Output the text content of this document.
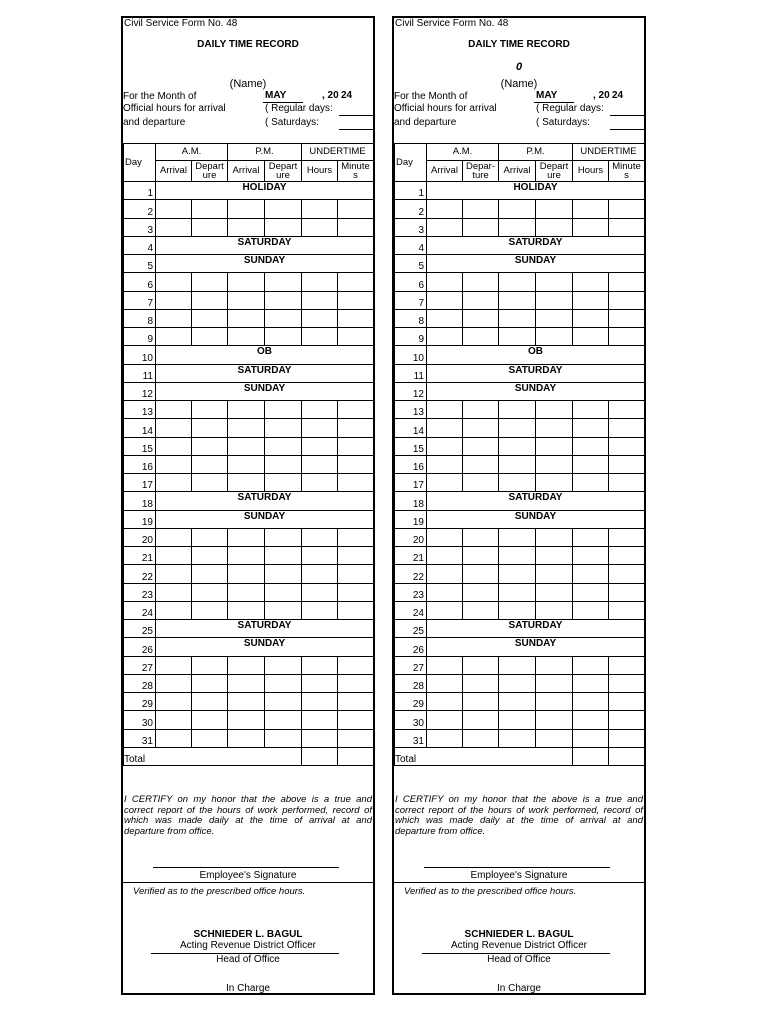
Civil Service Form No. 48
DAILY TIME RECORD
(Name)
For the Month of	MAY	, 20 24
Official hours for arrival
and departure
( Regular days:
( Saturdays:
Day	A.M.		P.M.		UNDERTIME	
	Arrival	Depart ure	Arrival	Depart ure	Hours	Minute s
1	HOLIDAY					
2						
3						
4	SATURDAY					
5	SUNDAY					
6						
7						
8						
9						
10	OB					
11	SATURDAY					
12	SUNDAY					
13						
14						
15						
16						
17						
18	SATURDAY					
19	SUNDAY					
20						
21						
22						
23						
24						
25	SATURDAY					
26	SUNDAY					
27						
28						
29						
30						
31						
Total						
I CERTIFY on my honor that the above is a true and correct report of the hours of work performed, record of which was made daily at the time of arrival at and departure from office.
Employee's Signature
Verified as to the prescribed office hours.
SCHNIEDER L. BAGUL
Acting Revenue District Officer
Head of Office
In Charge
Civil Service Form No. 48
DAILY TIME RECORD
0
(Name)
For the Month of	MAY	, 20 24
Official hours for arrival
and departure
( Regular days:
( Saturdays:
Day	A.M.		P.M.		UNDERTIME	
	Arrival	Depar- ture	Arrival	Depart ure	Hours	Minute s
1	HOLIDAY					
2						
3						
4	SATURDAY					
5	SUNDAY					
6						
7						
8						
9						
10	OB					
11	SATURDAY					
12	SUNDAY					
13						
14						
15						
16						
17						
18	SATURDAY					
19	SUNDAY					
20						
21						
22						
23						
24						
25	SATURDAY					
26	SUNDAY					
27						
28						
29						
30						
31						
Total						
I CERTIFY on my honor that the above is a true and correct report of the hours of work performed, record of which was made daily at the time of arrival at and departure from office.
Employee's Signature
Verified as to the prescribed office hours.
SCHNIEDER L. BAGUL
Acting Revenue District Officer
Head of Office
In Charge
